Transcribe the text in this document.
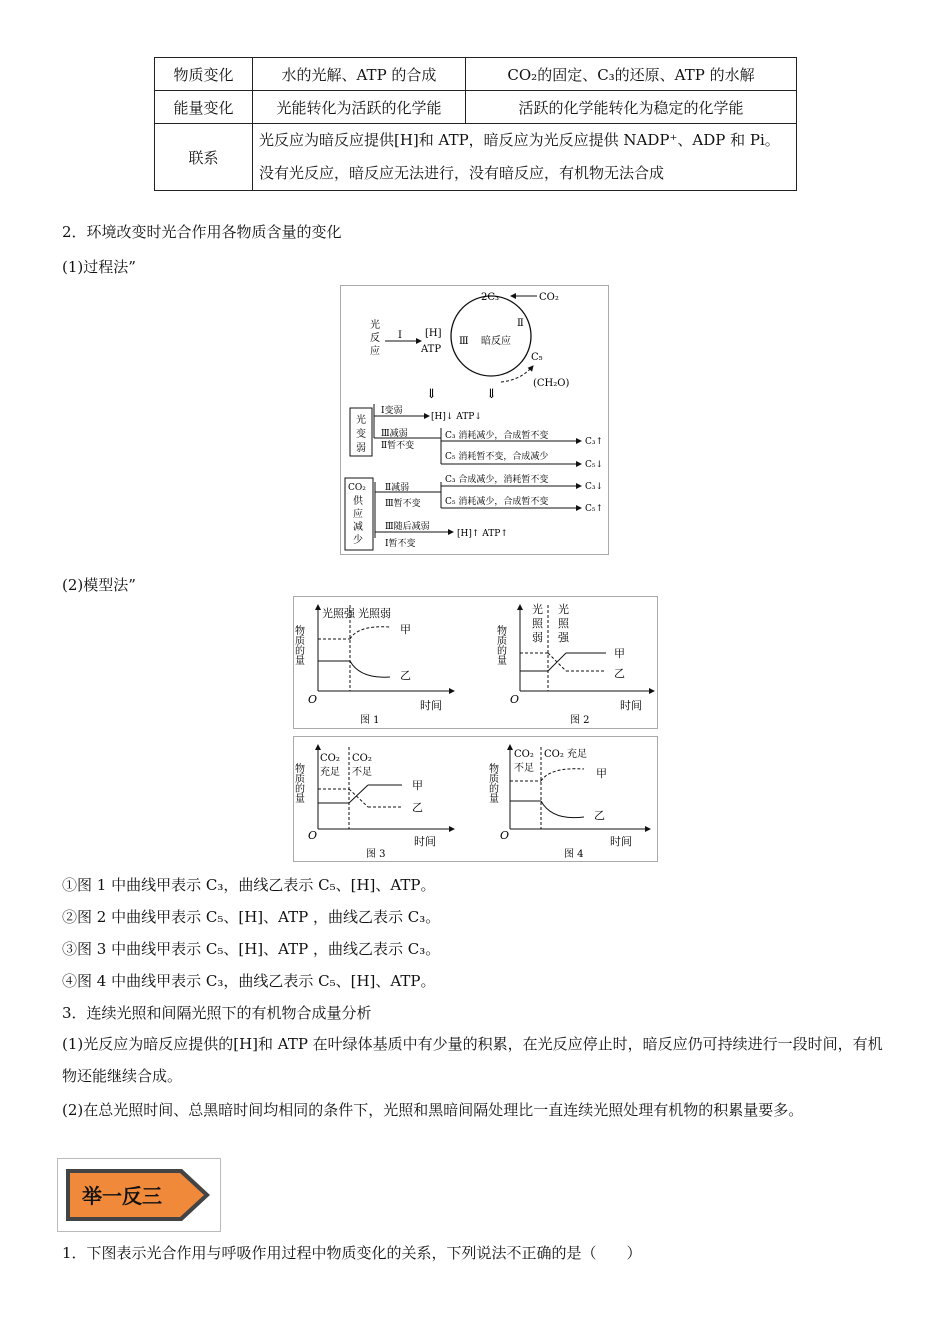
物质变化	水的光解、ATP 的合成	CO₂的固定、C₃的还原、ATP 的水解
能量变化	光能转化为活跃的化学能	活跃的化学能转化为稳定的化学能
联系	光反应为暗反应提供[H]和 ATP，暗反应为光反应提供 NADP⁺、ADP 和 Pi。没有光反应，暗反应无法进行，没有暗反应，有机物无法合成	
2．环境改变时光合作用各物质含量的变化
(1)过程法”
光
反
应
Ⅰ [H]
ATP
Ⅲ 暗反应
Ⅱ
2C₃	CO₂
C₅
(CH₂O)
⇓	⇓
光
变
弱
Ⅰ变弱
[H]↓ ATP↓
Ⅲ减弱
Ⅱ暂不变
C₃ 消耗减少，合成暂不变
C₃↑
C₅ 消耗暂不变，合成减少
C₅↓
CO₂
供
应
减
少
Ⅱ减弱
Ⅲ暂不变
C₃ 合成减少，消耗暂不变
C₃↓
C₅ 消耗减少，合成暂不变
C₅↑
Ⅲ随后减弱
Ⅰ暂不变
[H]↑ ATP↑
(2)模型法”
物质的量
O	时间
光照强 光照弱
甲
乙
图 1
物质的量
O	时间
光
照
弱
光
照
强
甲
乙
图 2
物质的量
O	时间
CO₂
充足
CO₂
不足
甲
乙
图 3
物质的量
O	时间
CO₂
不足
CO₂ 充足
甲
乙
图 4
①图 1 中曲线甲表示 C₃，曲线乙表示 C₅、[H]、ATP。
②图 2 中曲线甲表示 C₅、[H]、ATP ，曲线乙表示 C₃。
③图 3 中曲线甲表示 C₅、[H]、ATP ，曲线乙表示 C₃。
④图 4 中曲线甲表示 C₃，曲线乙表示 C₅、[H]、ATP。
3．连续光照和间隔光照下的有机物合成量分析
(1)光反应为暗反应提供的[H]和 ATP 在叶绿体基质中有少量的积累，在光反应停止时，暗反应仍可持续进行一段时间，有机物还能继续合成。
(2)在总光照时间、总黑暗时间均相同的条件下，光照和黑暗间隔处理比一直连续光照处理有机物的积累量要多。
举一反三
1．下图表示光合作用与呼吸作用过程中物质变化的关系，下列说法不正确的是（　　）
